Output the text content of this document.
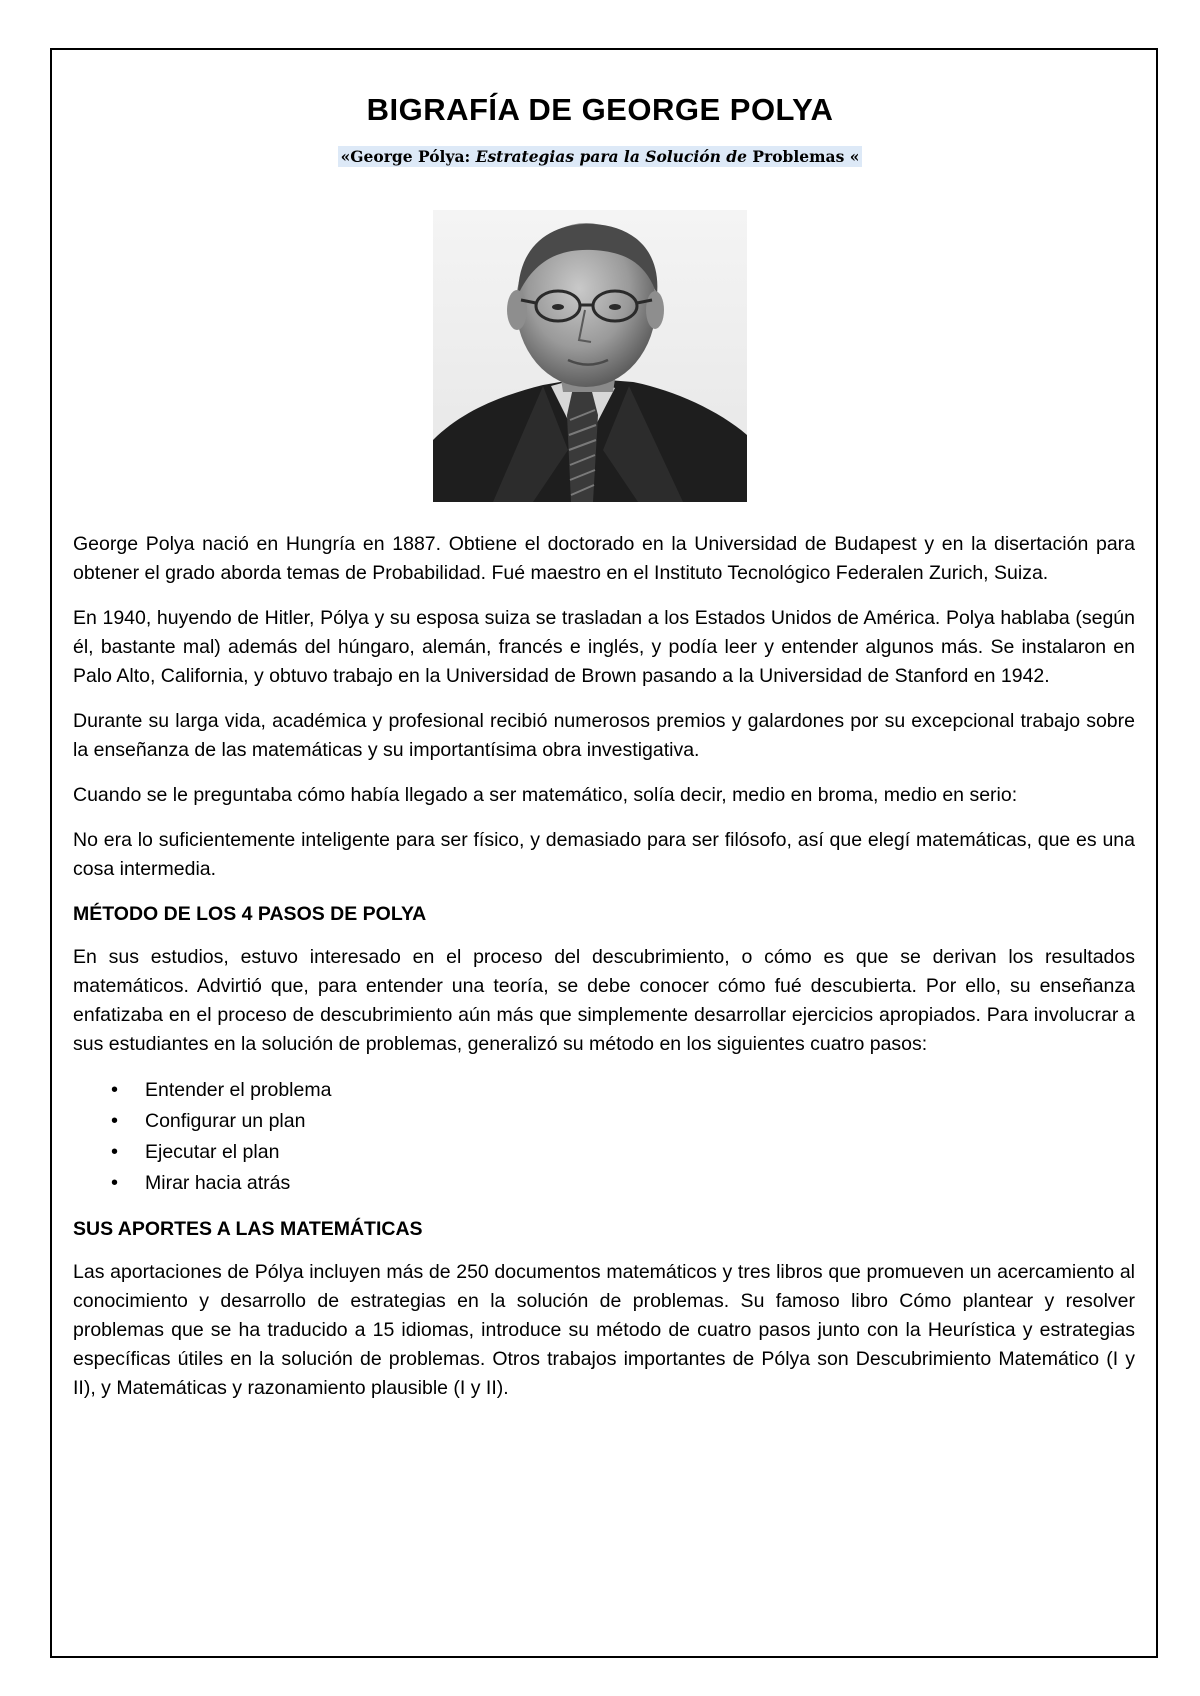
BIGRAFÍA DE GEORGE POLYA
«George Pólya: Estrategias para la Solución de Problemas «

George Polya nació en Hungría en 1887. Obtiene el doctorado en la Universidad de Budapest y en la disertación para obtener el grado aborda temas de Probabilidad. Fué maestro en el Instituto Tecnológico Federalen Zurich, Suiza.

En 1940, huyendo de Hitler, Pólya y su esposa suiza se trasladan a los Estados Unidos de América. Polya hablaba (según él, bastante mal) además del húngaro, alemán, francés e inglés, y podía leer y entender algunos más. Se instalaron en Palo Alto, California, y obtuvo trabajo en la Universidad de Brown pasando a la Universidad de Stanford en 1942.

Durante su larga vida, académica y profesional recibió numerosos premios y galardones por su excepcional trabajo sobre la enseñanza de las matemáticas y su importantísima obra investigativa.

Cuando se le preguntaba cómo había llegado a ser matemático, solía decir, medio en broma, medio en serio:

No era lo suficientemente inteligente para ser físico, y demasiado para ser filósofo, así que elegí matemáticas, que es una cosa intermedia.

MÉTODO DE LOS 4 PASOS DE POLYA

En sus estudios, estuvo interesado en el proceso del descubrimiento, o cómo es que se derivan los resultados matemáticos. Advirtió que, para entender una teoría, se debe conocer cómo fué descubierta. Por ello, su enseñanza enfatizaba en el proceso de descubrimiento aún más que simplemente desarrollar ejercicios apropiados. Para involucrar a sus estudiantes en la solución de problemas, generalizó su método en los siguientes cuatro pasos:

• Entender el problema
• Configurar un plan
• Ejecutar el plan
• Mirar hacia atrás
SUS APORTES A LAS MATEMÁTICAS

Las aportaciones de Pólya incluyen más de 250 documentos matemáticos y tres libros que promueven un acercamiento al conocimiento y desarrollo de estrategias en la solución de problemas. Su famoso libro Cómo plantear y resolver problemas que se ha traducido a 15 idiomas, introduce su método de cuatro pasos junto con la Heurística y estrategias específicas útiles en la solución de problemas. Otros trabajos importantes de Pólya son Descubrimiento Matemático (I y II), y Matemáticas y razonamiento plausible (I y II).
